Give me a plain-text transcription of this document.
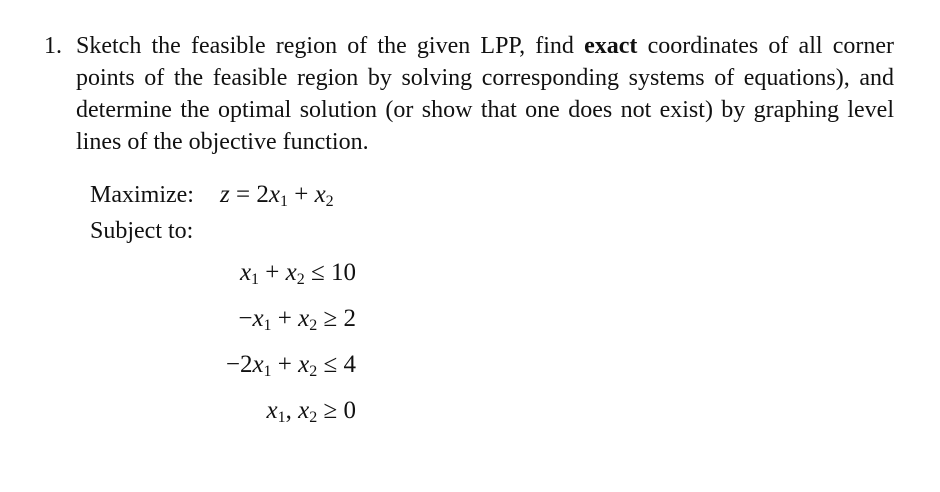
1. Sketch the feasible region of the given LPP, find exact coordinates of all corner points of the feasible region by solving corresponding systems of equations), and determine the optimal solution (or show that one does not exist) by graphing level lines of the objective function.
Maximize:	$z = 2x_1 + x_2$
Subject to:
$x_1 + x_2 \le 10$
$-x_1 + x_2 \ge 2$
$-2x_1 + x_2 \le 4$
$x_1$, $x_2 \ge 0$
